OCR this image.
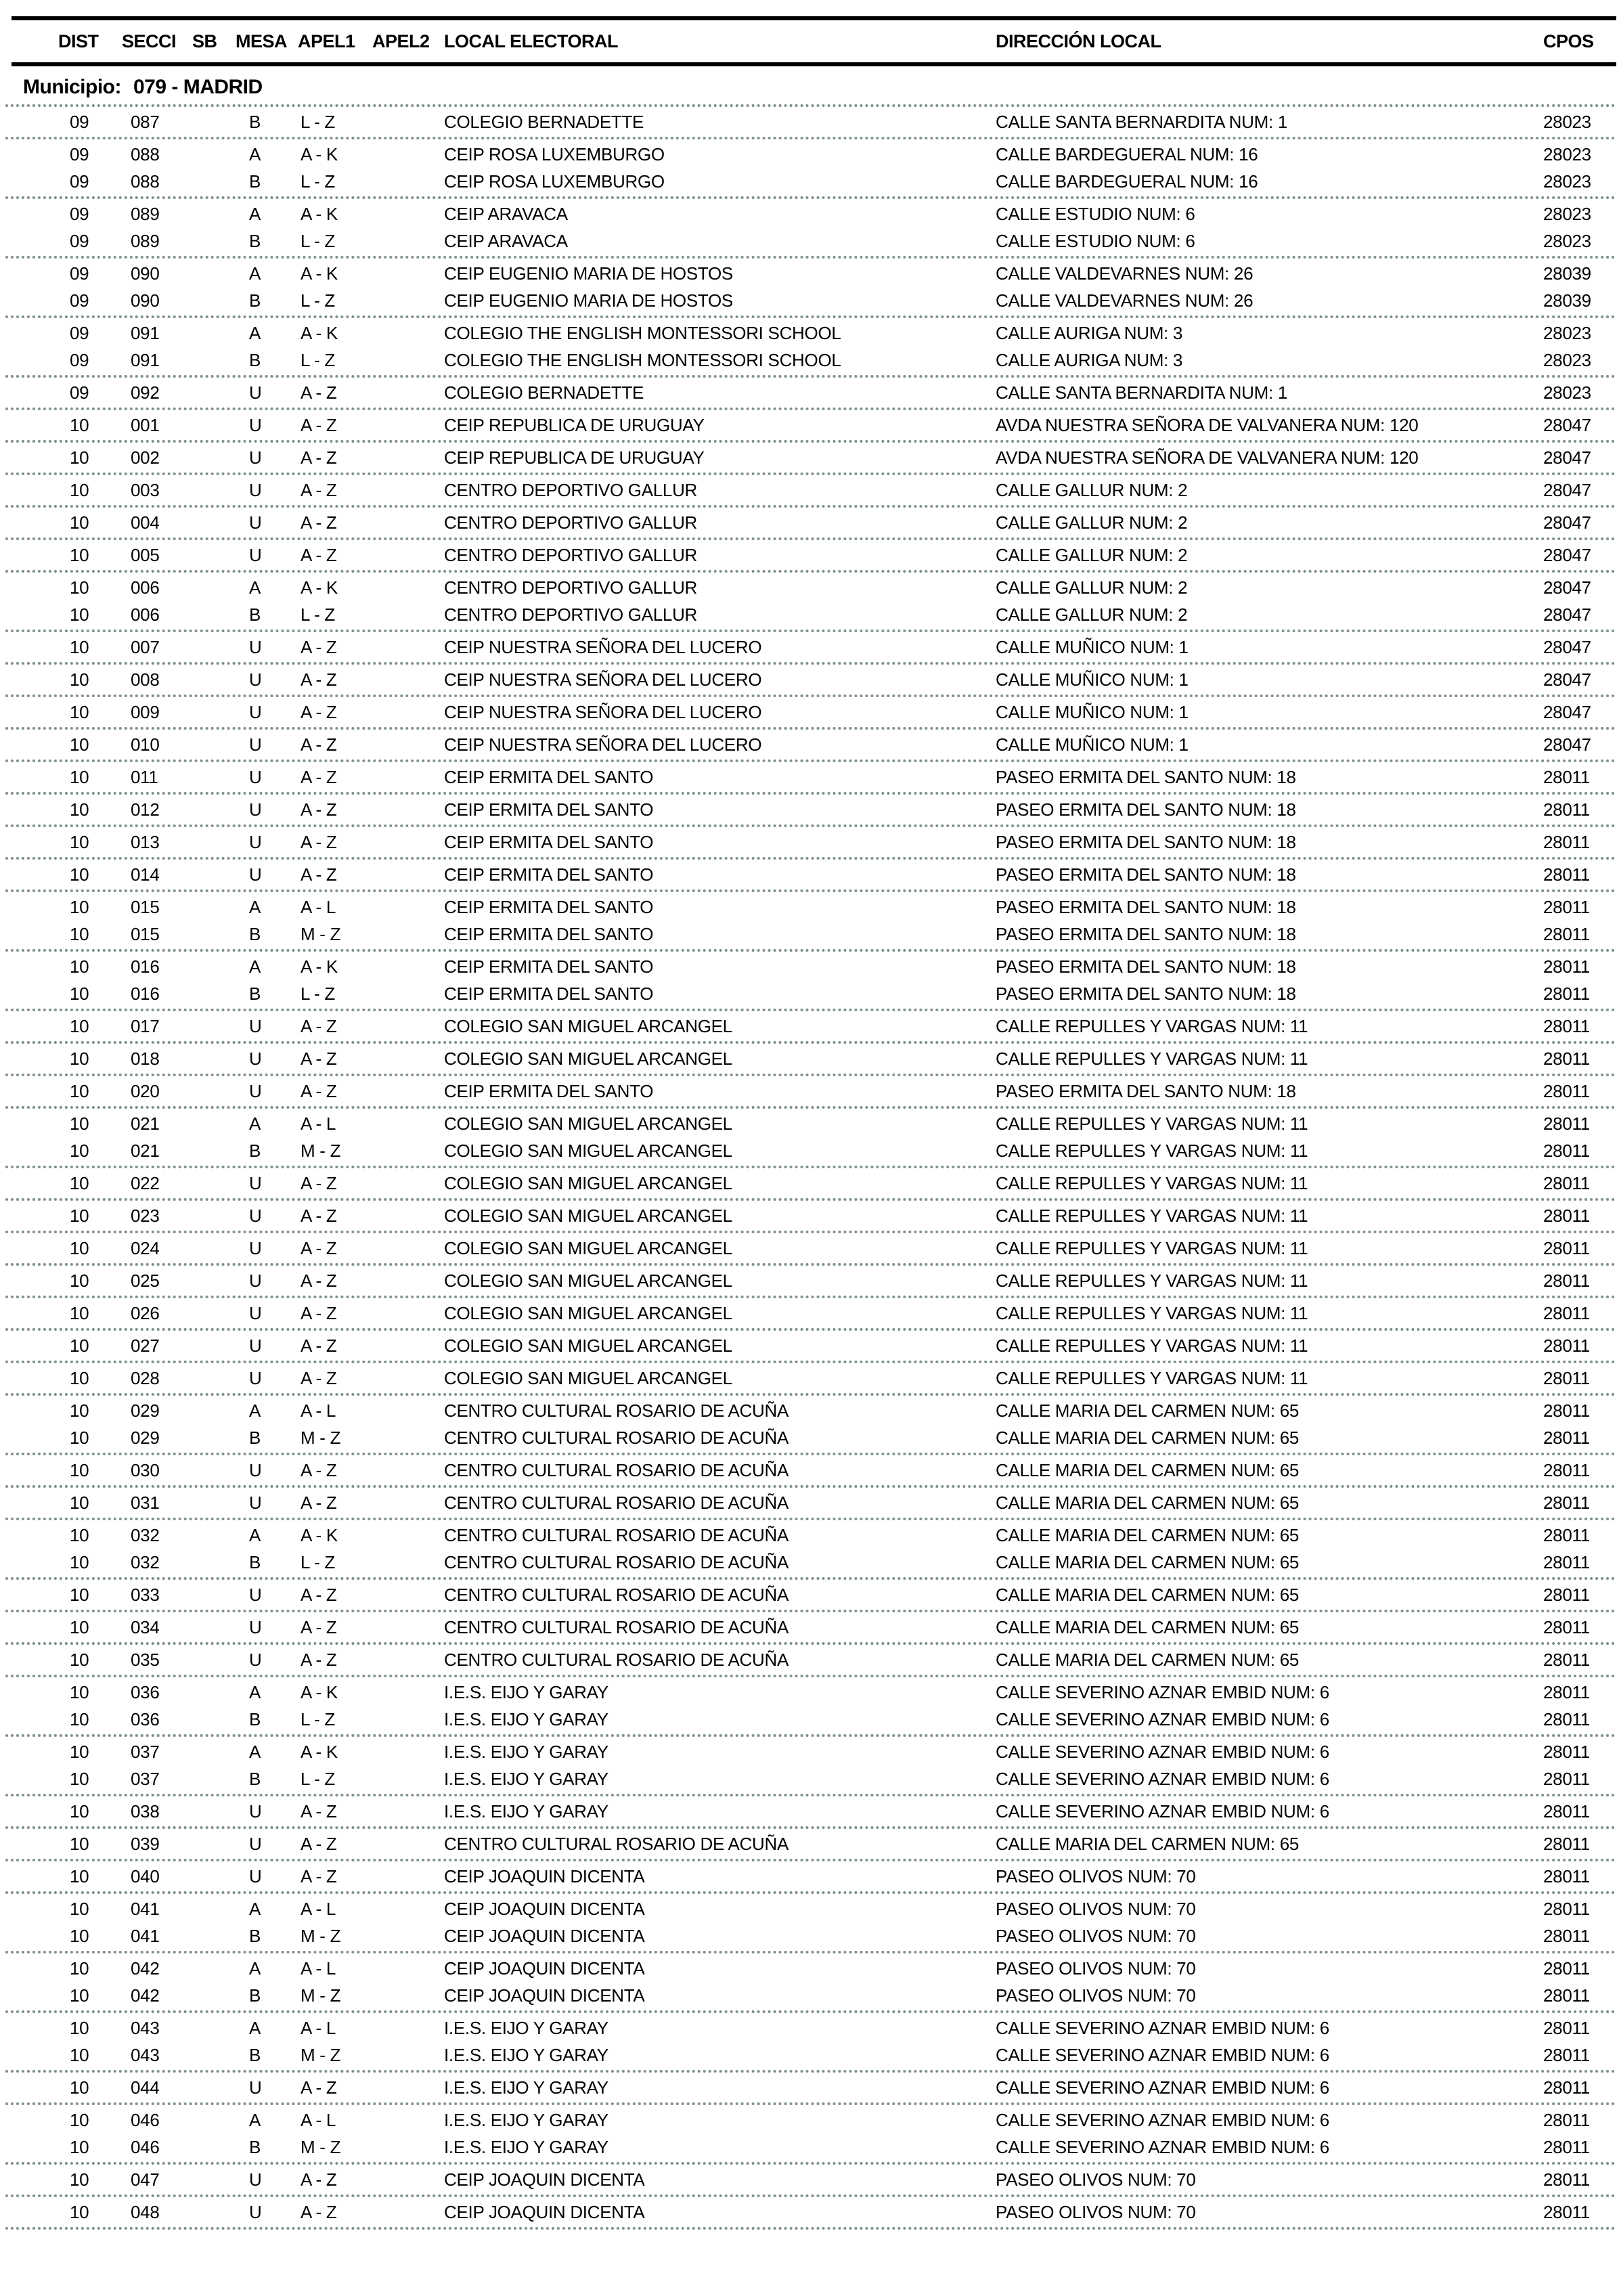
DIST	SECCI SB	MESA APEL1 APEL2 LOCAL ELECTORAL	DIRECCIÓN LOCAL	CPOS
Municipio: 079 - MADRID
09	087	B	L - Z	COLEGIO BERNADETTE	CALLE SANTA BERNARDITA NUM: 1	28023
09	088	A	A - K	CEIP ROSA LUXEMBURGO	CALLE BARDEGUERAL NUM: 16	28023
09	088	B	L - Z	CEIP ROSA LUXEMBURGO	CALLE BARDEGUERAL NUM: 16	28023
09	089	A	A - K	CEIP ARAVACA	CALLE ESTUDIO NUM: 6	28023
09	089	B	L - Z	CEIP ARAVACA	CALLE ESTUDIO NUM: 6	28023
09	090	A	A - K	CEIP EUGENIO MARIA DE HOSTOS	CALLE VALDEVARNES NUM: 26	28039
09	090	B	L - Z	CEIP EUGENIO MARIA DE HOSTOS	CALLE VALDEVARNES NUM: 26	28039
09	091	A	A - K	COLEGIO THE ENGLISH MONTESSORI SCHOOL	CALLE AURIGA NUM: 3	28023
09	091	B	L - Z	COLEGIO THE ENGLISH MONTESSORI SCHOOL	CALLE AURIGA NUM: 3	28023
09	092	U	A - Z	COLEGIO BERNADETTE	CALLE SANTA BERNARDITA NUM: 1	28023
10	001	U	A - Z	CEIP REPUBLICA DE URUGUAY	AVDA NUESTRA SEÑORA DE VALVANERA NUM: 120	28047
10	002	U	A - Z	CEIP REPUBLICA DE URUGUAY	AVDA NUESTRA SEÑORA DE VALVANERA NUM: 120	28047
10	003	U	A - Z	CENTRO DEPORTIVO GALLUR	CALLE GALLUR NUM: 2	28047
10	004	U	A - Z	CENTRO DEPORTIVO GALLUR	CALLE GALLUR NUM: 2	28047
10	005	U	A - Z	CENTRO DEPORTIVO GALLUR	CALLE GALLUR NUM: 2	28047
10	006	A	A - K	CENTRO DEPORTIVO GALLUR	CALLE GALLUR NUM: 2	28047
10	006	B	L - Z	CENTRO DEPORTIVO GALLUR	CALLE GALLUR NUM: 2	28047
10	007	U	A - Z	CEIP NUESTRA SEÑORA DEL LUCERO	CALLE MUÑICO NUM: 1	28047
10	008	U	A - Z	CEIP NUESTRA SEÑORA DEL LUCERO	CALLE MUÑICO NUM: 1	28047
10	009	U	A - Z	CEIP NUESTRA SEÑORA DEL LUCERO	CALLE MUÑICO NUM: 1	28047
10	010	U	A - Z	CEIP NUESTRA SEÑORA DEL LUCERO	CALLE MUÑICO NUM: 1	28047
10	011	U	A - Z	CEIP ERMITA DEL SANTO	PASEO ERMITA DEL SANTO NUM: 18	28011
10	012	U	A - Z	CEIP ERMITA DEL SANTO	PASEO ERMITA DEL SANTO NUM: 18	28011
10	013	U	A - Z	CEIP ERMITA DEL SANTO	PASEO ERMITA DEL SANTO NUM: 18	28011
10	014	U	A - Z	CEIP ERMITA DEL SANTO	PASEO ERMITA DEL SANTO NUM: 18	28011
10	015	A	A - L	CEIP ERMITA DEL SANTO	PASEO ERMITA DEL SANTO NUM: 18	28011
10	015	B	M - Z	CEIP ERMITA DEL SANTO	PASEO ERMITA DEL SANTO NUM: 18	28011
10	016	A	A - K	CEIP ERMITA DEL SANTO	PASEO ERMITA DEL SANTO NUM: 18	28011
10	016	B	L - Z	CEIP ERMITA DEL SANTO	PASEO ERMITA DEL SANTO NUM: 18	28011
10	017	U	A - Z	COLEGIO SAN MIGUEL ARCANGEL	CALLE REPULLES Y VARGAS NUM: 11	28011
10	018	U	A - Z	COLEGIO SAN MIGUEL ARCANGEL	CALLE REPULLES Y VARGAS NUM: 11	28011
10	020	U	A - Z	CEIP ERMITA DEL SANTO	PASEO ERMITA DEL SANTO NUM: 18	28011
10	021	A	A - L	COLEGIO SAN MIGUEL ARCANGEL	CALLE REPULLES Y VARGAS NUM: 11	28011
10	021	B	M - Z	COLEGIO SAN MIGUEL ARCANGEL	CALLE REPULLES Y VARGAS NUM: 11	28011
10	022	U	A - Z	COLEGIO SAN MIGUEL ARCANGEL	CALLE REPULLES Y VARGAS NUM: 11	28011
10	023	U	A - Z	COLEGIO SAN MIGUEL ARCANGEL	CALLE REPULLES Y VARGAS NUM: 11	28011
10	024	U	A - Z	COLEGIO SAN MIGUEL ARCANGEL	CALLE REPULLES Y VARGAS NUM: 11	28011
10	025	U	A - Z	COLEGIO SAN MIGUEL ARCANGEL	CALLE REPULLES Y VARGAS NUM: 11	28011
10	026	U	A - Z	COLEGIO SAN MIGUEL ARCANGEL	CALLE REPULLES Y VARGAS NUM: 11	28011
10	027	U	A - Z	COLEGIO SAN MIGUEL ARCANGEL	CALLE REPULLES Y VARGAS NUM: 11	28011
10	028	U	A - Z	COLEGIO SAN MIGUEL ARCANGEL	CALLE REPULLES Y VARGAS NUM: 11	28011
10	029	A	A - L	CENTRO CULTURAL ROSARIO DE ACUÑA	CALLE MARIA DEL CARMEN NUM: 65	28011
10	029	B	M - Z	CENTRO CULTURAL ROSARIO DE ACUÑA	CALLE MARIA DEL CARMEN NUM: 65	28011
10	030	U	A - Z	CENTRO CULTURAL ROSARIO DE ACUÑA	CALLE MARIA DEL CARMEN NUM: 65	28011
10	031	U	A - Z	CENTRO CULTURAL ROSARIO DE ACUÑA	CALLE MARIA DEL CARMEN NUM: 65	28011
10	032	A	A - K	CENTRO CULTURAL ROSARIO DE ACUÑA	CALLE MARIA DEL CARMEN NUM: 65	28011
10	032	B	L - Z	CENTRO CULTURAL ROSARIO DE ACUÑA	CALLE MARIA DEL CARMEN NUM: 65	28011
10	033	U	A - Z	CENTRO CULTURAL ROSARIO DE ACUÑA	CALLE MARIA DEL CARMEN NUM: 65	28011
10	034	U	A - Z	CENTRO CULTURAL ROSARIO DE ACUÑA	CALLE MARIA DEL CARMEN NUM: 65	28011
10	035	U	A - Z	CENTRO CULTURAL ROSARIO DE ACUÑA	CALLE MARIA DEL CARMEN NUM: 65	28011
10	036	A	A - K	I.E.S. EIJO Y GARAY	CALLE SEVERINO AZNAR EMBID NUM: 6	28011
10	036	B	L - Z	I.E.S. EIJO Y GARAY	CALLE SEVERINO AZNAR EMBID NUM: 6	28011
10	037	A	A - K	I.E.S. EIJO Y GARAY	CALLE SEVERINO AZNAR EMBID NUM: 6	28011
10	037	B	L - Z	I.E.S. EIJO Y GARAY	CALLE SEVERINO AZNAR EMBID NUM: 6	28011
10	038	U	A - Z	I.E.S. EIJO Y GARAY	CALLE SEVERINO AZNAR EMBID NUM: 6	28011
10	039	U	A - Z	CENTRO CULTURAL ROSARIO DE ACUÑA	CALLE MARIA DEL CARMEN NUM: 65	28011
10	040	U	A - Z	CEIP JOAQUIN DICENTA	PASEO OLIVOS NUM: 70	28011
10	041	A	A - L	CEIP JOAQUIN DICENTA	PASEO OLIVOS NUM: 70	28011
10	041	B	M - Z	CEIP JOAQUIN DICENTA	PASEO OLIVOS NUM: 70	28011
10	042	A	A - L	CEIP JOAQUIN DICENTA	PASEO OLIVOS NUM: 70	28011
10	042	B	M - Z	CEIP JOAQUIN DICENTA	PASEO OLIVOS NUM: 70	28011
10	043	A	A - L	I.E.S. EIJO Y GARAY	CALLE SEVERINO AZNAR EMBID NUM: 6	28011
10	043	B	M - Z	I.E.S. EIJO Y GARAY	CALLE SEVERINO AZNAR EMBID NUM: 6	28011
10	044	U	A - Z	I.E.S. EIJO Y GARAY	CALLE SEVERINO AZNAR EMBID NUM: 6	28011
10	046	A	A - L	I.E.S. EIJO Y GARAY	CALLE SEVERINO AZNAR EMBID NUM: 6	28011
10	046	B	M - Z	I.E.S. EIJO Y GARAY	CALLE SEVERINO AZNAR EMBID NUM: 6	28011
10	047	U	A - Z	CEIP JOAQUIN DICENTA	PASEO OLIVOS NUM: 70	28011
10	048	U	A - Z	CEIP JOAQUIN DICENTA	PASEO OLIVOS NUM: 70	28011
